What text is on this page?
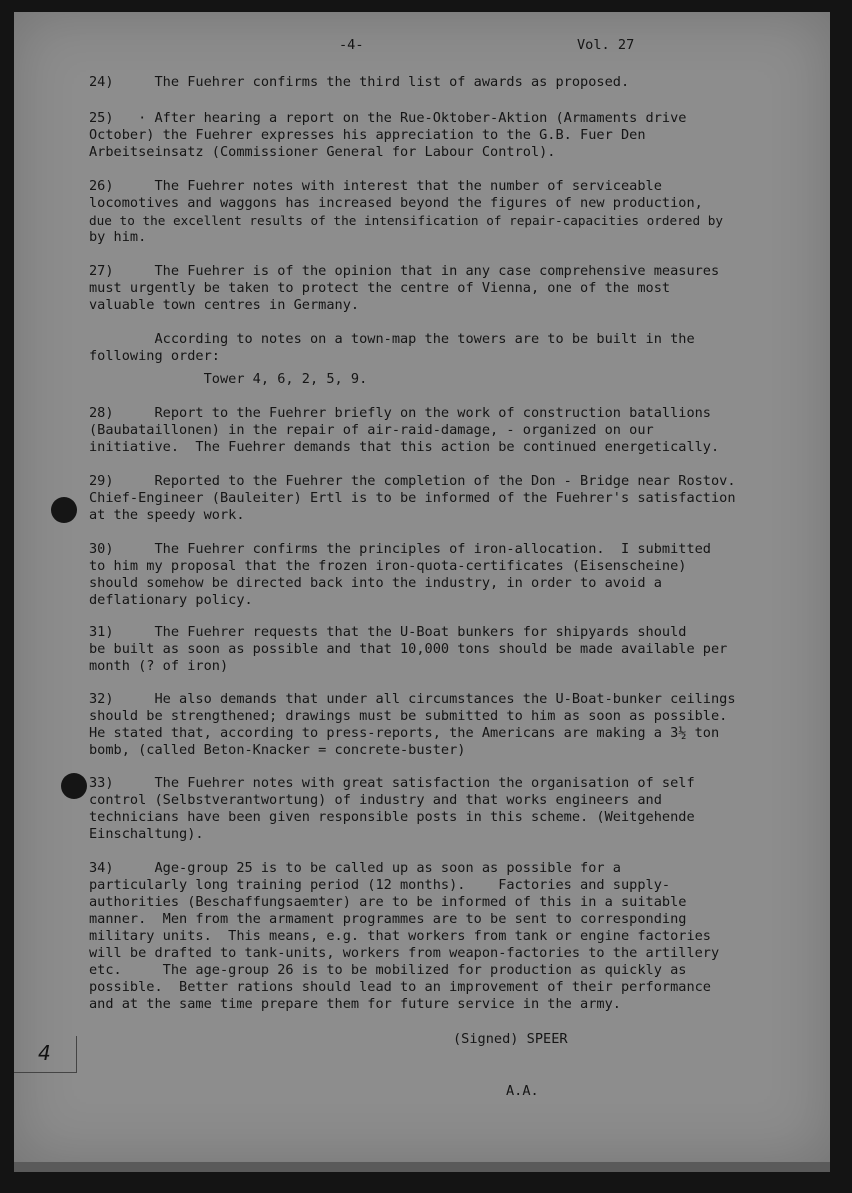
-4-	Vol. 27
24)     The Fuehrer confirms the third list of awards as proposed.
25)   · After hearing a report on the Rue-Oktober-Aktion (Armaments drive
October) the Fuehrer expresses his appreciation to the G.B. Fuer Den
Arbeitseinsatz (Commissioner General for Labour Control).
26)     The Fuehrer notes with interest that the number of serviceable
locomotives and waggons has increased beyond the figures of new production,
due to the excellent results of the intensification of repair-capacities ordered by
by him.
27)     The Fuehrer is of the opinion that in any case comprehensive measures
must urgently be taken to protect the centre of Vienna, one of the most
valuable town centres in Germany.
According to notes on a town-map the towers are to be built in the
following order:
Tower 4, 6, 2, 5, 9.
28)     Report to the Fuehrer briefly on the work of construction batallions
(Baubataillonen) in the repair of air-raid-damage, - organized on our
initiative.  The Fuehrer demands that this action be continued energetically.
29)     Reported to the Fuehrer the completion of the Don - Bridge near Rostov.
Chief-Engineer (Bauleiter) Ertl is to be informed of the Fuehrer's satisfaction
at the speedy work.
30)     The Fuehrer confirms the principles of iron-allocation.  I submitted
to him my proposal that the frozen iron-quota-certificates (Eisenscheine)
should somehow be directed back into the industry, in order to avoid a
deflationary policy.
31)     The Fuehrer requests that the U-Boat bunkers for shipyards should
be built as soon as possible and that 10,000 tons should be made available per
month (? of iron)
32)     He also demands that under all circumstances the U-Boat-bunker ceilings
should be strengthened; drawings must be submitted to him as soon as possible.
He stated that, according to press-reports, the Americans are making a 3½ ton
bomb, (called Beton-Knacker = concrete-buster)
33)     The Fuehrer notes with great satisfaction the organisation of self
control (Selbstverantwortung) of industry and that works engineers and
technicians have been given responsible posts in this scheme. (Weitgehende
Einschaltung).
34)     Age-group 25 is to be called up as soon as possible for a
particularly long training period (12 months).    Factories and supply-
authorities (Beschaffungsaemter) are to be informed of this in a suitable
manner.  Men from the armament programmes are to be sent to corresponding
military units.  This means, e.g. that workers from tank or engine factories
will be drafted to tank-units, workers from weapon-factories to the artillery
etc.     The age-group 26 is to be mobilized for production as quickly as
possible.  Better rations should lead to an improvement of their performance
and at the same time prepare them for future service in the army.
(Signed) SPEER
A.A.
4
